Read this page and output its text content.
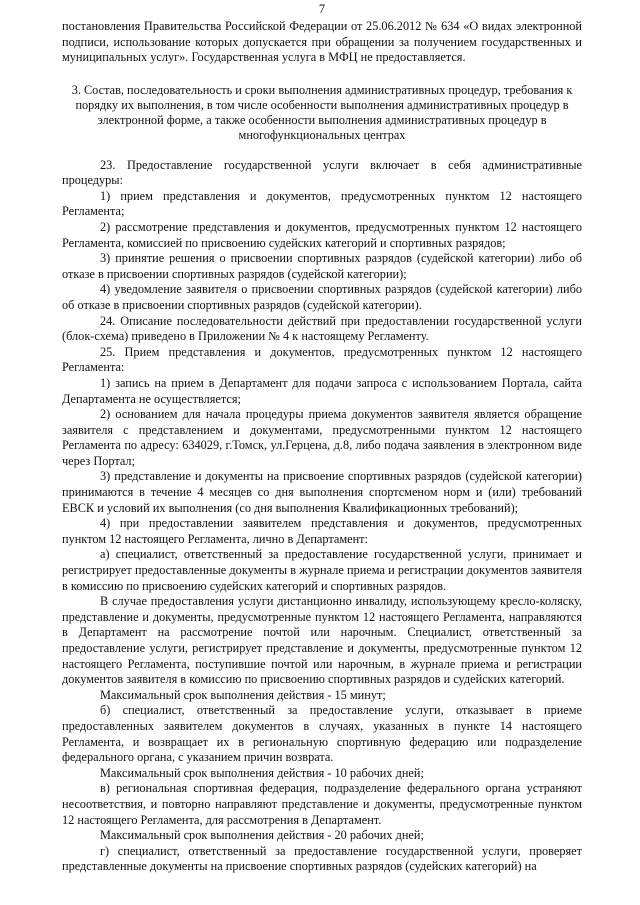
7

постановления Правительства Российской Федерации от 25.06.2012 № 634 «О видах электронной подписи, использование которых допускается при обращении за получением государственных и муниципальных услуг». Государственная услуга в МФЦ не предоставляется.

3. Состав, последовательность и сроки выполнения административных процедур, требования к порядку их выполнения, в том числе особенности выполнения административных процедур в электронной форме, а также особенности выполнения административных процедур в многофункциональных центрах

23. Предоставление государственной услуги включает в себя административные процедуры:

1) прием представления и документов, предусмотренных пунктом 12 настоящего Регламента;

2) рассмотрение представления и документов, предусмотренных пунктом 12 настоящего Регламента, комиссией по присвоению судейских категорий и спортивных разрядов;

3) принятие решения о присвоении спортивных разрядов (судейской категории) либо об отказе в присвоении спортивных разрядов (судейской категории);

4) уведомление заявителя о присвоении спортивных разрядов (судейской категории) либо об отказе в присвоении спортивных разрядов (судейской категории).

24. Описание последовательности действий при предоставлении государственной услуги (блок-схема) приведено в Приложении № 4 к настоящему Регламенту.

25. Прием представления и документов, предусмотренных пунктом 12 настоящего Регламента:

1) запись на прием в Департамент для подачи запроса с использованием Портала, сайта Департамента не осуществляется;

2) основанием для начала процедуры приема документов заявителя является обращение заявителя с представлением и документами, предусмотренными пунктом 12 настоящего Регламента по адресу: 634029, г.Томск, ул.Герцена, д.8, либо подача заявления в электронном виде через Портал;

3) представление и документы на присвоение спортивных разрядов (судейской категории) принимаются в течение 4 месяцев со дня выполнения спортсменом норм и (или) требований ЕВСК и условий их выполнения (со дня выполнения Квалификационных требований);

4) при предоставлении заявителем представления и документов, предусмотренных пунктом 12 настоящего Регламента, лично в Департамент:

а) специалист, ответственный за предоставление государственной услуги, принимает и регистрирует предоставленные документы в журнале приема и регистрации документов заявителя в комиссию по присвоению судейских категорий и спортивных разрядов.

В случае предоставления услуги дистанционно инвалиду, использующему кресло-коляску, представление и документы, предусмотренные пунктом 12 настоящего Регламента, направляются в Департамент на рассмотрение почтой или нарочным. Специалист, ответственный за предоставление услуги, регистрирует представление и документы, предусмотренные пунктом 12 настоящего Регламента, поступившие почтой или нарочным, в журнале приема и регистрации документов заявителя в комиссию по присвоению спортивных разрядов и судейских категорий.

Максимальный срок выполнения действия - 15 минут;

б) специалист, ответственный за предоставление услуги, отказывает в приеме предоставленных заявителем документов в случаях, указанных в пункте 14 настоящего Регламента, и возвращает их в региональную спортивную федерацию или подразделение федерального органа, с указанием причин возврата.

Максимальный срок выполнения действия - 10 рабочих дней;

в) региональная спортивная федерация, подразделение федерального органа устраняют несоответствия, и повторно направляют представление и документы, предусмотренные пунктом 12 настоящего Регламента, для рассмотрения в Департамент.

Максимальный срок выполнения действия - 20 рабочих дней;

г) специалист, ответственный за предоставление государственной услуги, проверяет представленные документы на присвоение спортивных разрядов (судейских категорий) на
